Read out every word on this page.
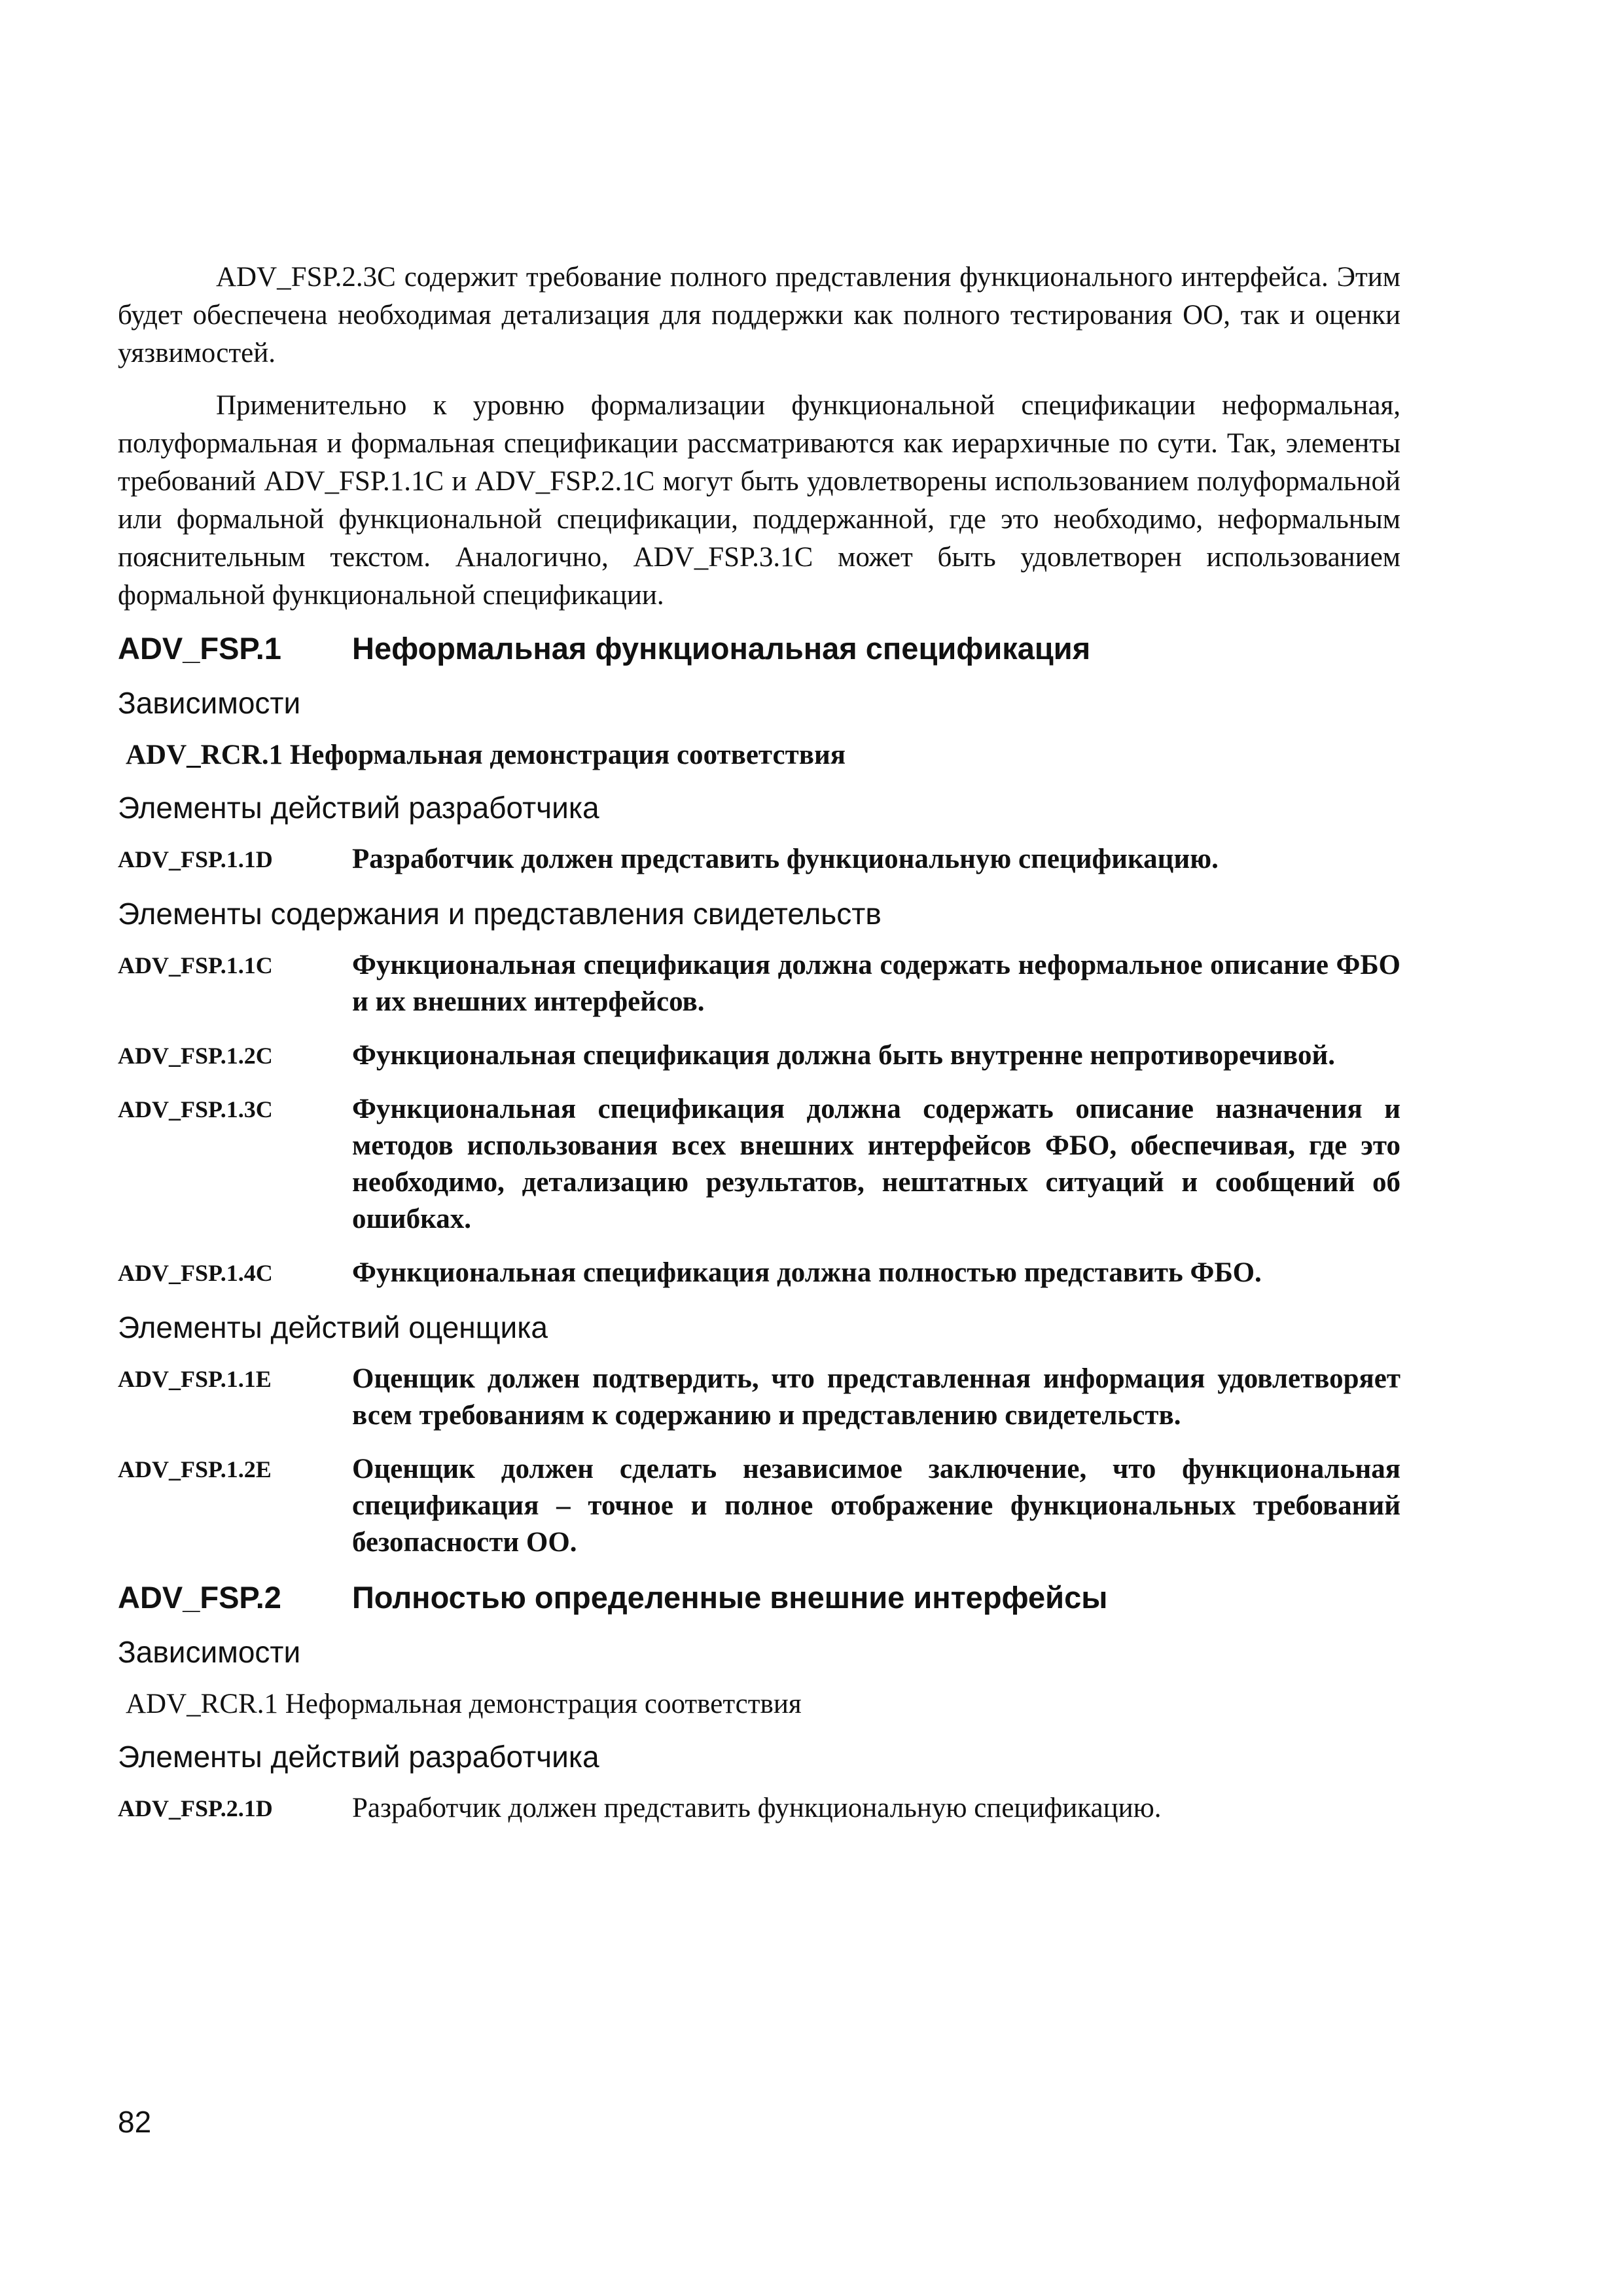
ADV_FSP.2.3C содержит требование полного представления функционального интерфейса. Этим будет обеспечена необходимая детализация для поддержки как полного тестирования ОО, так и оценки уязвимостей.

Применительно к уровню формализации функциональной спецификации неформальная, полуформальная и формальная спецификации рассматриваются как иерархичные по сути. Так, элементы требований ADV_FSP.1.1C и ADV_FSP.2.1C могут быть удовлетворены использованием полуформальной или формальной функциональной спецификации, поддержанной, где это необходимо, неформальным пояснительным текстом. Аналогично, ADV_FSP.3.1C может быть удовлетворен использованием формальной функциональной спецификации.

ADV_FSP.1	Неформальная функциональная спецификация
Зависимости
ADV_RCR.1 Неформальная демонстрация соответствия
Элементы действий разработчика
ADV_FSP.1.1D	Разработчик должен представить функциональную спецификацию.
Элементы содержания и представления свидетельств
ADV_FSP.1.1C	Функциональная спецификация должна содержать неформальное описание ФБО и их внешних интерфейсов.
ADV_FSP.1.2C	Функциональная спецификация должна быть внутренне непротиворечивой.
ADV_FSP.1.3C	Функциональная спецификация должна содержать описание назначения и методов использования всех внешних интерфейсов ФБО, обеспечивая, где это необходимо, детализацию результатов, нештатных ситуаций и сообщений об ошибках.
ADV_FSP.1.4C	Функциональная спецификация должна полностью представить ФБО.
Элементы действий оценщика
ADV_FSP.1.1E	Оценщик должен подтвердить, что представленная информация удовлетворяет всем требованиям к содержанию и представлению свидетельств.
ADV_FSP.1.2E	Оценщик должен сделать независимое заключение, что функциональная спецификация – точное и полное отображение функциональных требований безопасности ОО.
ADV_FSP.2	Полностью определенные внешние интерфейсы
Зависимости
ADV_RCR.1 Неформальная демонстрация соответствия
Элементы действий разработчика
ADV_FSP.2.1D	Разработчик должен представить функциональную спецификацию.
82
